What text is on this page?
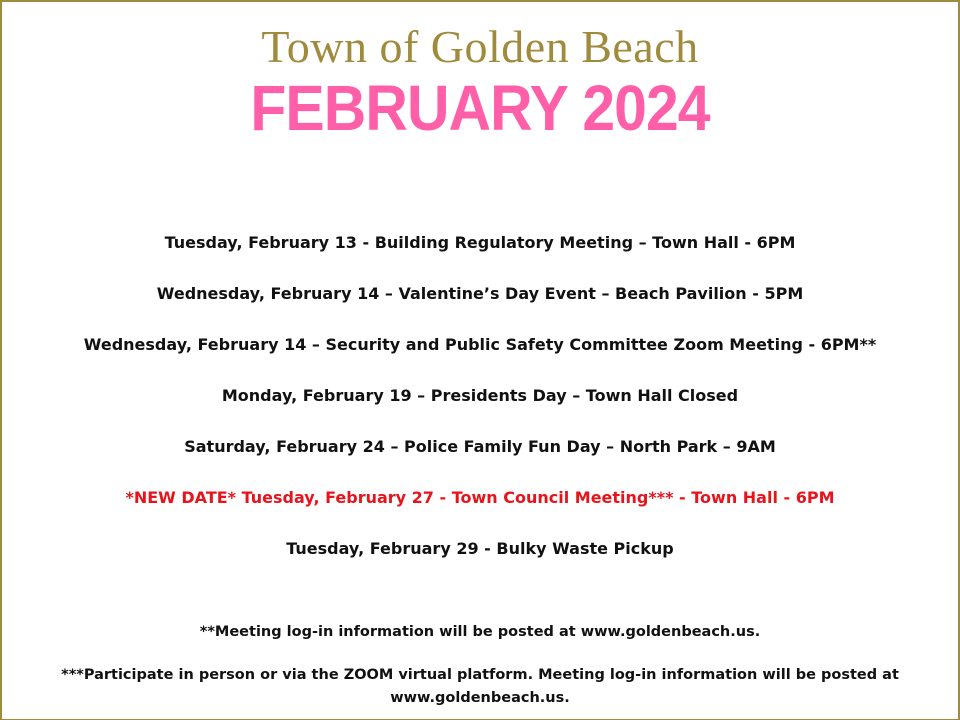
Town of Golden Beach
FEBRUARY 2024
Tuesday, February 13 - Building Regulatory Meeting – Town Hall - 6PM
Wednesday, February 14 – Valentine’s Day Event – Beach Pavilion - 5PM
Wednesday, February 14 – Security and Public Safety Committee Zoom Meeting - 6PM**
Monday, February 19 – Presidents Day – Town Hall Closed
Saturday, February 24 – Police Family Fun Day – North Park – 9AM
*NEW DATE* Tuesday, February 27 - Town Council Meeting*** - Town Hall - 6PM
Tuesday, February 29 - Bulky Waste Pickup
**Meeting log-in information will be posted at www.goldenbeach.us.
***Participate in person or via the ZOOM virtual platform. Meeting log-in information will be posted at www.goldenbeach.us.
